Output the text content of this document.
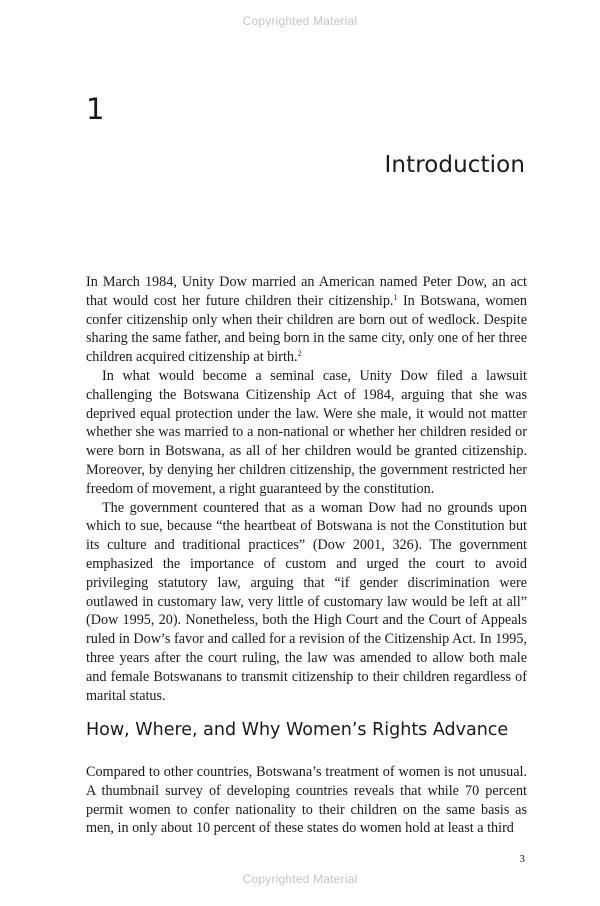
Copyrighted Material
1
Introduction

In March 1984, Unity Dow married an American named Peter Dow, an act that would cost her future children their citizenship.$^1$ In Botswana, women confer citizenship only when their children are born out of wedlock. Despite sharing the same father, and being born in the same city, only one of her three children acquired citizenship at birth.$^2$

In what would become a seminal case, Unity Dow filed a lawsuit challenging the Botswana Citizenship Act of 1984, arguing that she was deprived equal protection under the law. Were she male, it would not matter whether she was married to a non-national or whether her children resided or were born in Botswana, as all of her children would be granted citizenship. Moreover, by denying her children citizenship, the government restricted her freedom of movement, a right guaranteed by the constitution.

The government countered that as a woman Dow had no grounds upon which to sue, because “the heartbeat of Botswana is not the Constitution but its culture and traditional practices” (Dow 2001, 326). The government emphasized the importance of custom and urged the court to avoid privileging statutory law, arguing that “if gender discrimination were outlawed in customary law, very little of customary law would be left at all” (Dow 1995, 20). Nonetheless, both the High Court and the Court of Appeals ruled in Dow’s favor and called for a revision of the Citizenship Act. In 1995, three years after the court ruling, the law was amended to allow both male and female Botswanans to transmit citizenship to their children regardless of marital status.

How, Where, and Why Women’s Rights Advance

Compared to other countries, Botswana’s treatment of women is not unusual. A thumbnail survey of developing countries reveals that while 70 percent permit women to confer nationality to their children on the same basis as men, in only about 10 percent of these states do women hold at least a third

3
Copyrighted Material
